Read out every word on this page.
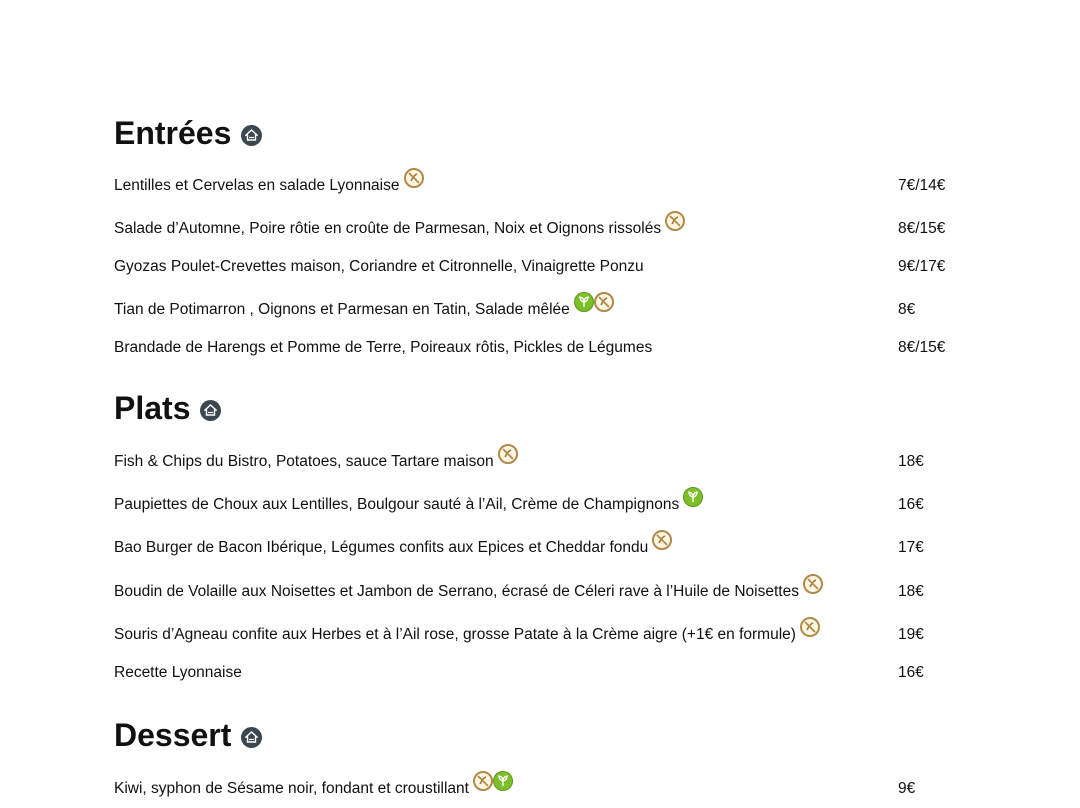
Entrées
Lentilles et Cervelas en salade Lyonnaise	7€/14€
Salade d’Automne, Poire rôtie en croûte de Parmesan, Noix et Oignons rissolés	8€/15€
Gyozas Poulet-Crevettes maison, Coriandre et Citronnelle, Vinaigrette Ponzu	9€/17€
Tian de Potimarron , Oignons et Parmesan en Tatin, Salade mêlée	8€
Brandade de Harengs et Pomme de Terre, Poireaux rôtis, Pickles de Légumes	8€/15€
Plats
Fish & Chips du Bistro, Potatoes, sauce Tartare maison	18€
Paupiettes de Choux aux Lentilles, Boulgour sauté à l’Ail, Crème de Champignons	16€
Bao Burger de Bacon Ibérique, Légumes confits aux Epices et Cheddar fondu	17€
Boudin de Volaille aux Noisettes et Jambon de Serrano, écrasé de Céleri rave à l’Huile de Noisettes	18€
Souris d’Agneau confite aux Herbes et à l’Ail rose, grosse Patate à la Crème aigre (+1€ en formule)	19€
Recette Lyonnaise	16€
Dessert
Kiwi, syphon de Sésame noir, fondant et croustillant	9€
